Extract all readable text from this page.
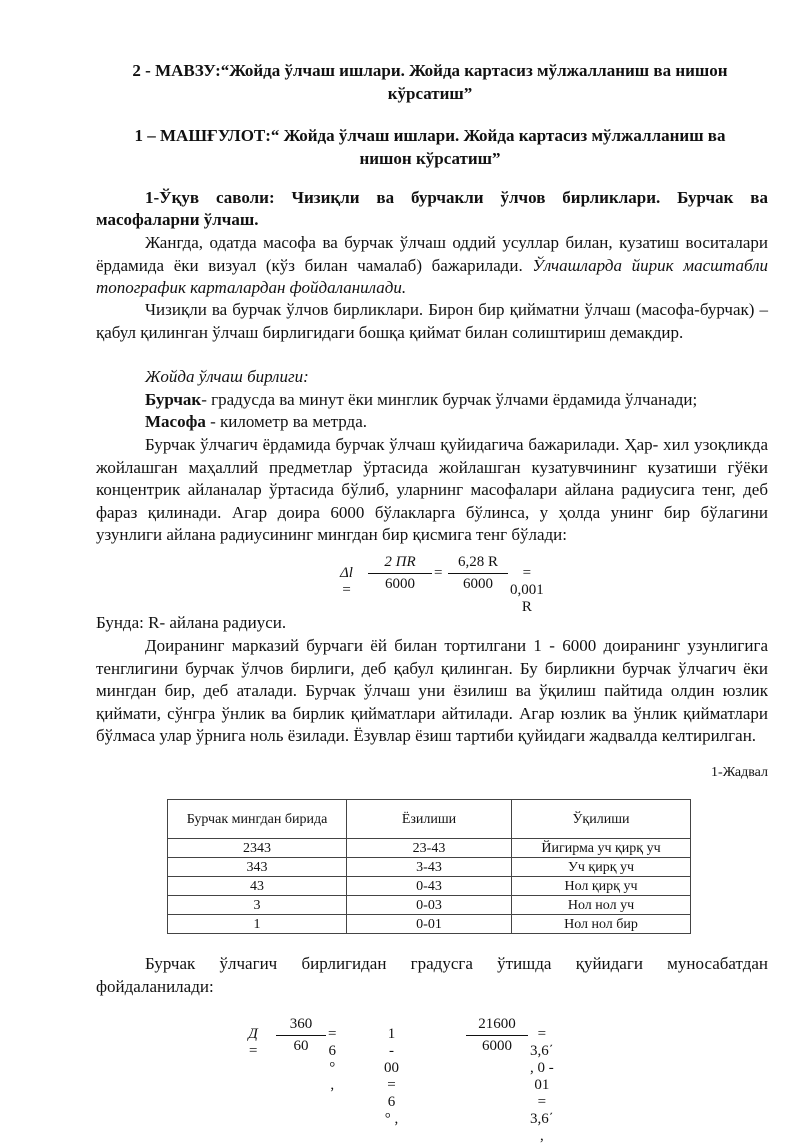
2 - МАВЗУ:“Жойда ўлчаш ишлари. Жойда картасиз мўлжалланиш ва нишон
кўрсатиш”
1 – МАШҒУЛОТ:“ Жойда ўлчаш ишлари. Жойда картасиз мўлжалланиш ва
нишон кўрсатиш”
1-Ўқув саволи: Чизиқли ва бурчакли ўлчов бирликлари. Бурчак ва
масофаларни ўлчаш.
Жангда, одатда масофа ва бурчак ўлчаш оддий усуллар билан, кузатиш воситалари ёрдамида ёки визуал (кўз билан чамалаб) бажарилади. Ўлчашларда йирик масштабли топографик карталардан фойдаланилади.
Чизиқли ва бурчак ўлчов бирликлари. Бирон бир қийматни ўлчаш (масофа-бурчак) – қабул қилинган ўлчаш бирлигидаги бошқа қиймат билан солиштириш демакдир.
Жойда ўлчаш бирлиги:
Бурчак- градусда ва минут ёки минглик бурчак ўлчами ёрдамида ўлчанади;
Масофа - километр ва метрда.
Бурчак ўлчагич ёрдамида бурчак ўлчаш қуйидагича бажарилади. Ҳар- хил узоқликда жойлашган маҳаллий предметлар ўртасида жойлашган кузатувчининг кузатиши гўёки концентрик айланалар ўртасида бўлиб, уларнинг масофалари айлана радиусига тенг, деб фараз қилинади. Агар доира 6000 бўлакларга бўлинса, у ҳолда унинг бир бўлагини узунлиги айлана радиусининг мингдан бир қисмига тенг бўлади:
Δl =
2 ΠR
6000
=
6,28 R
6000
= 0,001 R
Бунда: R- айлана радиуси.
Доиранинг марказий бурчаги ёй билан тортилгани 1 - 6000 доиранинг узунлигига тенглигини бурчак ўлчов бирлиги, деб қабул қилинган. Бу бирликни бурчак ўлчагич ёки мингдан бир, деб аталади. Бурчак ўлчаш уни ёзилиш ва ўқилиш пайтида олдин юзлик қиймати, сўнгра ўнлик ва бирлик қийматлари айтилади. Агар юзлик ва ўнлик қийматлари бўлмаса улар ўрнига ноль ёзилади. Ёзувлар ёзиш тартиби қуйидаги жадвалда келтирилган.
1-Жадвал
Бурчак мингдан бирида	Ёзилиши	Ўқилиши
2343	23-43	Йигирма уч қирқ уч
343	3-43	Уч қирқ уч
43	0-43	Нол қирқ уч
3	0-03	Нол нол уч
1	0-01	Нол нол бир
Бурчак ўлчагич бирлигидан градусга ўтишда қуйидаги муносабатдан фойдаланилади:
Д =
360
60
= 6 ° ,
1 - 00 = 6 ° ,
21600
6000
= 3,6΄ , 0 - 01 = 3,6΄ ,
